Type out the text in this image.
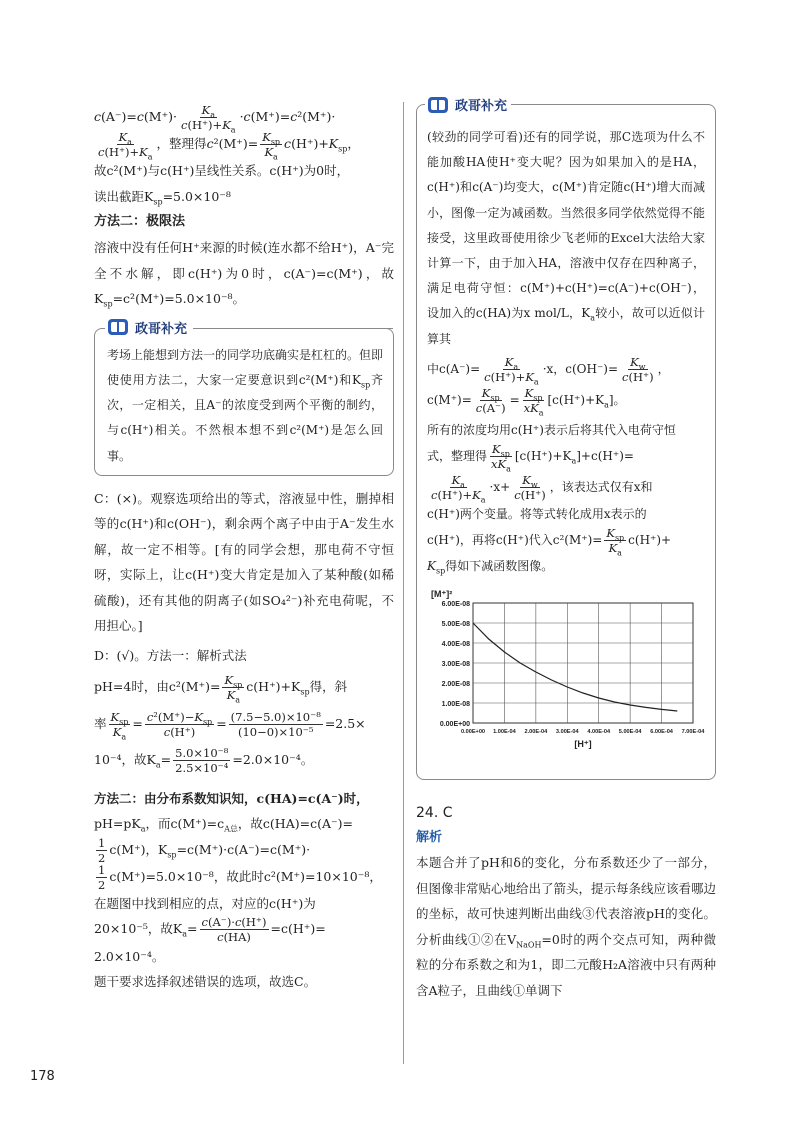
$c(A^-)=c(M^+)\cdot \frac{K_a}{c(H^+)+K_a} \cdot c(M^+)=c^2(M^+)\cdot$

$\frac{K_a}{c(H^+)+K_a}$ ，整理得$c^2(M^+)= \frac{K_{sp}}{K_a} c(H^+)+K_{sp}$，

故c²(M⁺)与c(H⁺)呈线性关系。c(H⁺)为0时，

读出截距$K_{sp}=5.0\times 10^{-8}$

方法二：极限法

溶液中没有任何H⁺来源的时候(连水都不给H⁺)，A⁻完全不水解，即c(H⁺)为0时，c(A⁻)=c(M⁺)，故$K_{sp}=c^2(M^+)=5.0\times 10^{-8}$。

政哥补充

考场上能想到方法一的同学功底确实是杠杠的。但即使使用方法二，大家一定要意识到c²(M⁺)和$K_{sp}$齐次，一定相关，且A⁻的浓度受到两个平衡的制约，与c(H⁺)相关。不然根本想不到c²(M⁺)是怎么回事。

C：(×)。观察选项给出的等式，溶液显中性，删掉相等的c(H⁺)和c(OH⁻)，剩余两个离子中由于A⁻发生水解，故一定不相等。[有的同学会想，那电荷不守恒呀，实际上，让c(H⁺)变大肯定是加入了某种酸(如稀硫酸)，还有其他的阴离子(如SO₄²⁻)补充电荷呢，不用担心。]

D：(√)。方法一：解析式法

pH=4时，由$c^2(M^+)= \frac{K_{sp}}{K_a} c(H^+)+K_{sp}$得，斜

率 $\frac{K_{sp}}{K_a} = \frac{c^2(M^+)-K_{sp}}{c(H^+)} = \frac{\text{(7.5−5.0)×10⁻⁸}}{\text{(10−0)×10⁻⁵}} =2.5\times$

10⁻⁴，故$K_a= \frac{\text{5.0×10⁻⁸}}{\text{2.5×10⁻⁴}} =2.0\times 10^{-4}$。

方法二：由分布系数知识知，c(HA)=c(A⁻)时，

$pH=pK_a$，而$c(M^+)=c_{A总}$，故c(HA)=c(A⁻)=

$\frac{1}{2} c(M^+)$，$K_{sp}=c(M^+)\cdot c(A^-)=c(M^+)\cdot$

$\frac{1}{2} c(M^+)=5.0\times 10^{-8}$，故此时c²(M⁺)=10×10⁻⁸，

在题图中找到相应的点，对应的c(H⁺)为

20×10⁻⁵，故$K_a= \frac{c(A^-)\cdot c(H^+)}{c(HA)} =c(H^+)=$

2.0×10⁻⁴。

题干要求选择叙述错误的选项，故选C。

政哥补充

(较劲的同学可看)还有的同学说，那C选项为什么不能加酸HA使H⁺变大呢？因为如果加入的是HA，c(H⁺)和c(A⁻)均变大，c(M⁺)肯定随c(H⁺)增大而减小，图像一定为减函数。当然很多同学依然觉得不能接受，这里政哥使用徐少飞老师的Excel大法给大家计算一下，由于加入HA，溶液中仅存在四种离子，满足电荷守恒：c(M⁺)+c(H⁺)=c(A⁻)+c(OH⁻)，设加入的c(HA)为x mol/L，$K_a$较小，故可以近似计算其

中$c(A^-)= \frac{K_a}{c(H^+)+K_a} \cdot x$，$c(OH^-)= \frac{K_w}{c(H^+)}$ ，

$c(M^+)= \frac{K_{sp}}{c(A^-)} = \frac{K_{sp}}{xK_a} [c(H^+)+K_a]$。

所有的浓度均用c(H⁺)表示后将其代入电荷守恒

式，整理得 $\frac{K_{sp}}{xK_a} [c(H^+)+K_a]+c(H^+)=$

$\frac{K_a}{c(H^+)+K_a} \cdot x+ \frac{K_w}{c(H^+)}$ ，该表达式仅有x和

c(H⁺)两个变量。将等式转化成用x表示的

c(H⁺)，再将c(H⁺)代入$c^2(M^+)= \frac{K_{sp}}{K_a} c(H^+)+$

$K_{sp}$得如下减函数图像。

0.00E+00
1.00E-08
2.00E-08
3.00E-08
4.00E-08
5.00E-08
6.00E-08
0.00E+00 1.00E-04 2.00E-04 3.00E-04 4.00E-04 5.00E-04 6.00E-04 7.00E-04
[M⁺]²
[H⁺]

24. C

解析

本题合并了pH和δ的变化，分布系数还少了一部分，但图像非常贴心地给出了箭头，提示每条线应该看哪边的坐标，故可快速判断出曲线③代表溶液pH的变化。分析曲线①②在$V_{NaOH}=0$时的两个交点可知，两种微粒的分布系数之和为1，即二元酸H₂A溶液中只有两种含A粒子，且曲线①单调下

178
